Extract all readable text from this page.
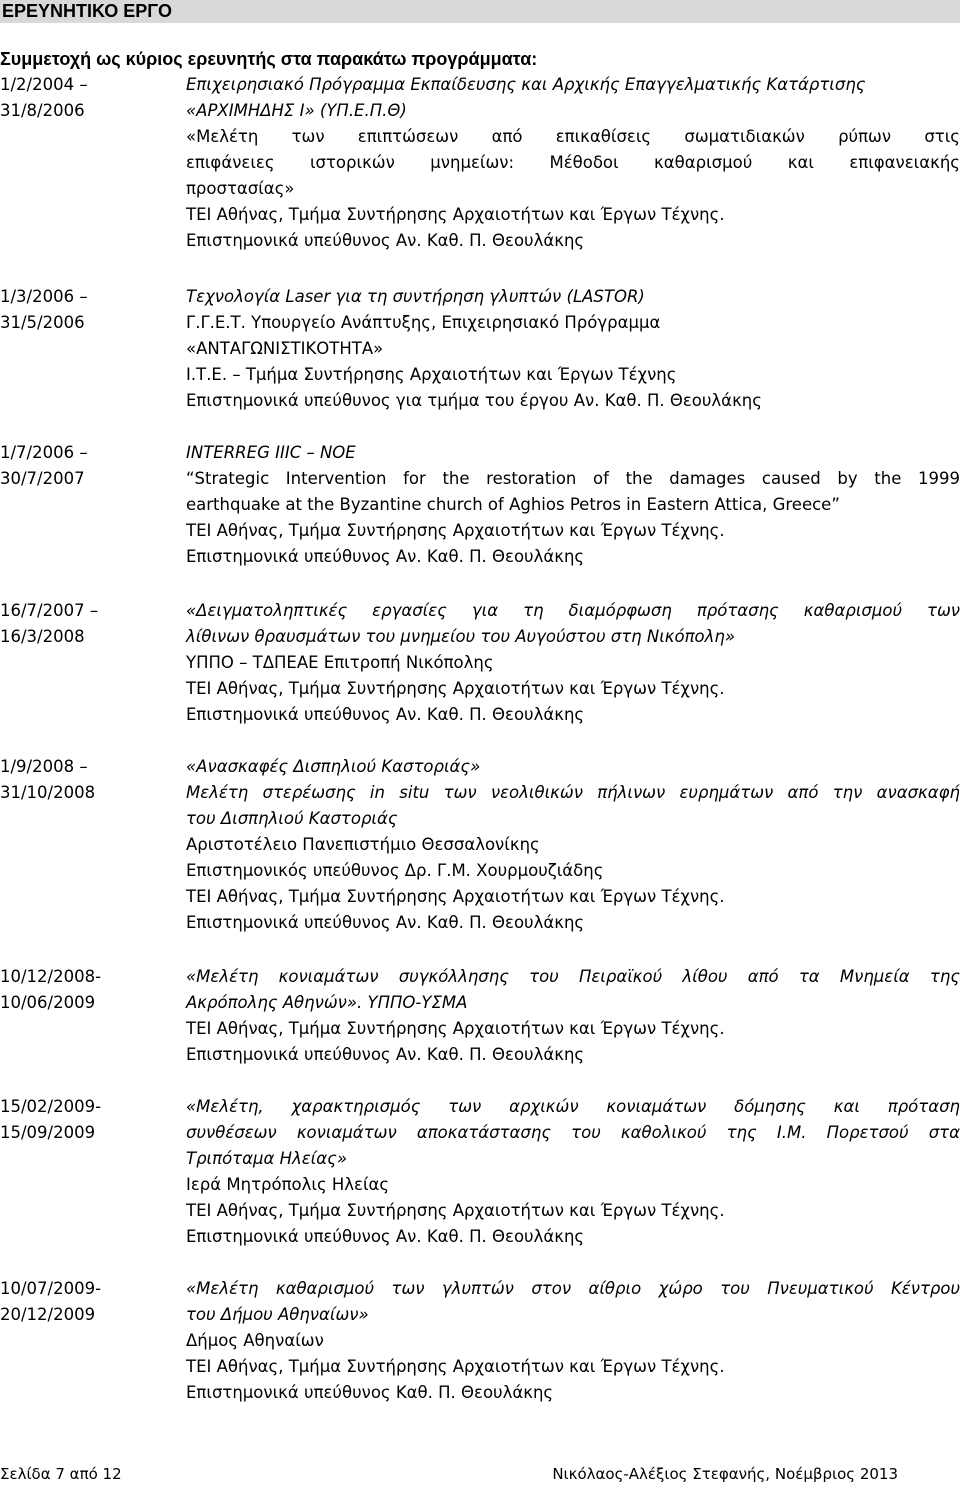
ΕΡΕΥΝΗΤΙΚΟ ΕΡΓΟ
Συμμετοχή ως κύριος ερευνητής στα παρακάτω προγράμματα:
1/2/2004 –
31/8/2006
Επιχειρησιακό Πρόγραμμα Εκπαίδευσης και Αρχικής Επαγγελματικής Κατάρτισης
«ΑΡΧΙΜΗΔΗΣ Ι» (ΥΠ.Ε.Π.Θ)
«Μελέτη των επιπτώσεων από επικαθίσεις σωματιδιακών ρύπων στις
επιφάνειες ιστορικών μνημείων: Μέθοδοι καθαρισμού και επιφανειακής
προστασίας»
ΤΕΙ Αθήνας, Τμήμα Συντήρησης Αρχαιοτήτων και Έργων Τέχνης.
Επιστημονικά υπεύθυνος Αν. Καθ. Π. Θεουλάκης
1/3/2006 –
31/5/2006
Τεχνολογία Laser για τη συντήρηση γλυπτών (LASTOR)
Γ.Γ.Ε.Τ. Υπουργείο Ανάπτυξης, Επιχειρησιακό Πρόγραμμα
«ΑΝΤΑΓΩΝΙΣΤΙΚΟΤΗΤΑ»
Ι.Τ.Ε. – Τμήμα Συντήρησης Αρχαιοτήτων και Έργων Τέχνης
Επιστημονικά υπεύθυνος για τμήμα του έργου Αν. Καθ. Π. Θεουλάκης
1/7/2006 –
30/7/2007
INTERREG IIIC – NOE
“Strategic Intervention for the restoration of the damages caused by the 1999
earthquake at the Byzantine church of Aghios Petros in Eastern Attica, Greece”
ΤΕΙ Αθήνας, Τμήμα Συντήρησης Αρχαιοτήτων και Έργων Τέχνης.
Επιστημονικά υπεύθυνος Αν. Καθ. Π. Θεουλάκης
16/7/2007 –
16/3/2008
«Δειγματοληπτικές εργασίες για τη διαμόρφωση πρότασης καθαρισμού των
λίθινων θραυσμάτων του μνημείου του Αυγούστου στη Νικόπολη»
ΥΠΠΟ – ΤΔΠΕΑΕ Επιτροπή Νικόπολης
ΤΕΙ Αθήνας, Τμήμα Συντήρησης Αρχαιοτήτων και Έργων Τέχνης.
Επιστημονικά υπεύθυνος Αν. Καθ. Π. Θεουλάκης
1/9/2008 –
31/10/2008
«Ανασκαφές Δισπηλιού Καστοριάς»
Μελέτη στερέωσης in situ των νεολιθικών πήλινων ευρημάτων από την ανασκαφή
του Δισπηλιού Καστοριάς
Αριστοτέλειο Πανεπιστήμιο Θεσσαλονίκης
Επιστημονικός υπεύθυνος Δρ. Γ.Μ. Χουρμουζιάδης
ΤΕΙ Αθήνας, Τμήμα Συντήρησης Αρχαιοτήτων και Έργων Τέχνης.
Επιστημονικά υπεύθυνος Αν. Καθ. Π. Θεουλάκης
10/12/2008-
10/06/2009
«Μελέτη κονιαμάτων συγκόλλησης του Πειραϊκού λίθου από τα Μνημεία της
Ακρόπολης Αθηνών». ΥΠΠΟ-ΥΣΜΑ
ΤΕΙ Αθήνας, Τμήμα Συντήρησης Αρχαιοτήτων και Έργων Τέχνης.
Επιστημονικά υπεύθυνος Αν. Καθ. Π. Θεουλάκης
15/02/2009-
15/09/2009
«Μελέτη, χαρακτηρισμός των αρχικών κονιαμάτων δόμησης και πρόταση
συνθέσεων κονιαμάτων αποκατάστασης του καθολικού της Ι.Μ. Πορετσού στα
Τριπόταμα Ηλείας»
Ιερά Μητρόπολις Ηλείας
ΤΕΙ Αθήνας, Τμήμα Συντήρησης Αρχαιοτήτων και Έργων Τέχνης.
Επιστημονικά υπεύθυνος Αν. Καθ. Π. Θεουλάκης
10/07/2009-
20/12/2009
«Μελέτη καθαρισμού των γλυπτών στον αίθριο χώρο του Πνευματικού Κέντρου
του Δήμου Αθηναίων»
Δήμος Αθηναίων
ΤΕΙ Αθήνας, Τμήμα Συντήρησης Αρχαιοτήτων και Έργων Τέχνης.
Επιστημονικά υπεύθυνος Καθ. Π. Θεουλάκης
Σελίδα 7 από 12	Νικόλαος-Αλέξιος Στεφανής, Νοέμβριος 2013
